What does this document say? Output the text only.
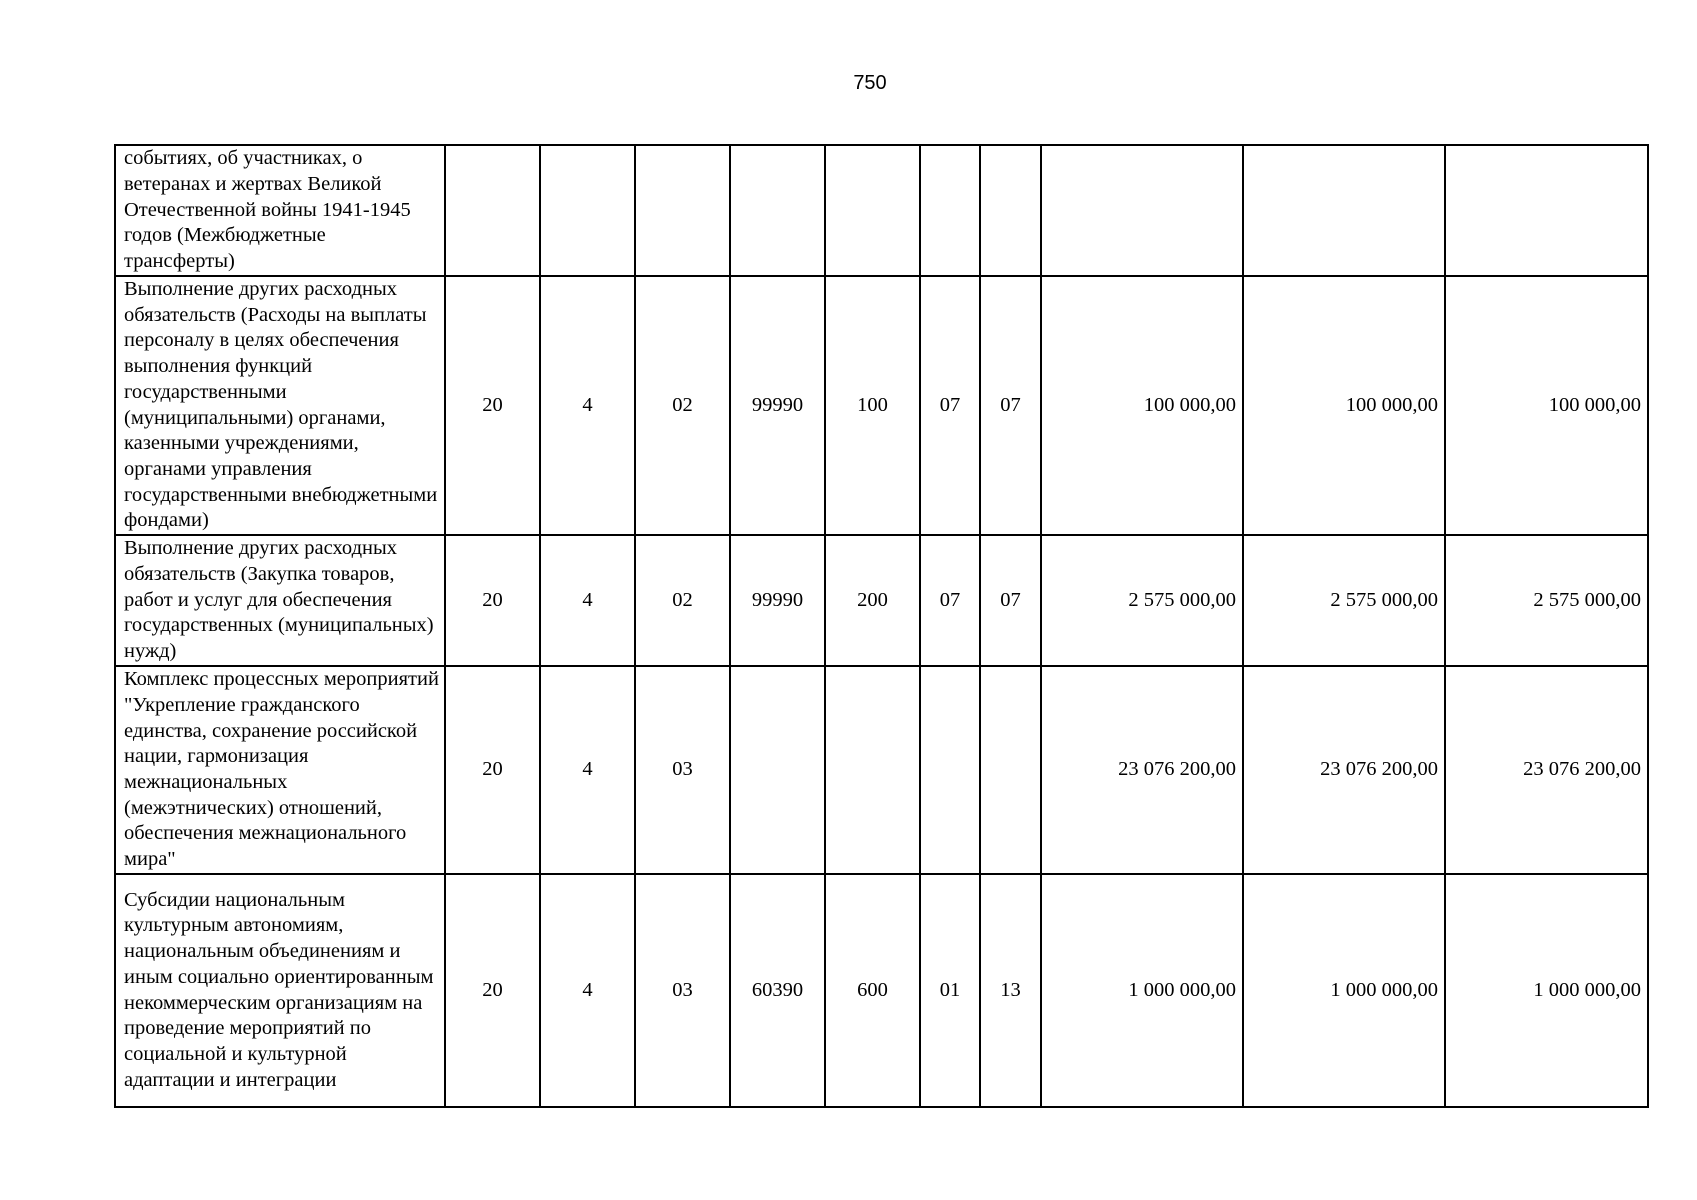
750
событиях, об участниках, о ветеранах и жертвах Великой Отечественной войны 1941-1945 годов (Межбюджетные трансферты)										
Выполнение других расходных обязательств (Расходы на выплаты персоналу в целях обеспечения выполнения функций государственными (муниципальными) органами, казенными учреждениями, органами управления государственными внебюджетными фондами)	20	4	02	99990	100	07	07	100 000,00	100 000,00	100 000,00
Выполнение других расходных обязательств (Закупка товаров, работ и услуг для обеспечения государственных (муниципальных) нужд)	20	4	02	99990	200	07	07	2 575 000,00	2 575 000,00	2 575 000,00
Комплекс процессных мероприятий "Укрепление гражданского единства, сохранение российской нации, гармонизация межнациональных (межэтнических) отношений, обеспечения межнационального мира"	20	4	03					23 076 200,00	23 076 200,00	23 076 200,00
Субсидии национальным культурным автономиям, национальным объединениям и иным социально ориентированным некоммерческим организациям на проведение мероприятий по социальной и культурной адаптации и интеграции	20	4	03	60390	600	01	13	1 000 000,00	1 000 000,00	1 000 000,00
